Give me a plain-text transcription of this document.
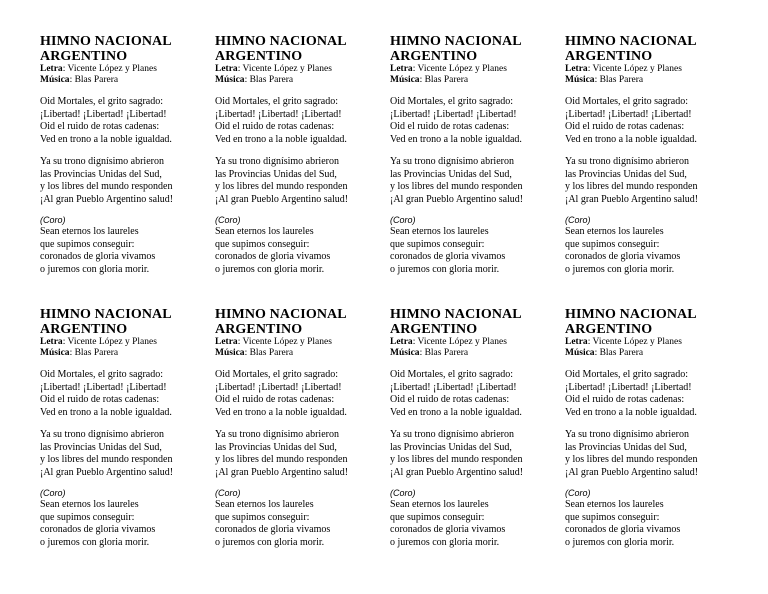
HIMNO NACIONAL
ARGENTINO
Letra: Vicente López y Planes
Música: Blas Parera
Oid Mortales, el grito sagrado:
¡Libertad! ¡Libertad! ¡Libertad!
Oid el ruido de rotas cadenas:
Ved en trono a la noble igualdad.
Ya su trono dignísimo abrieron
las Provincias Unidas del Sud,
y los libres del mundo responden
¡Al gran Pueblo Argentino salud!
(Coro)
Sean eternos los laureles
que supimos conseguir:
coronados de gloria vivamos
o juremos con gloria morir.
HIMNO NACIONAL
ARGENTINO
Letra: Vicente López y Planes
Música: Blas Parera
Oid Mortales, el grito sagrado:
¡Libertad! ¡Libertad! ¡Libertad!
Oid el ruido de rotas cadenas:
Ved en trono a la noble igualdad.
Ya su trono dignísimo abrieron
las Provincias Unidas del Sud,
y los libres del mundo responden
¡Al gran Pueblo Argentino salud!
(Coro)
Sean eternos los laureles
que supimos conseguir:
coronados de gloria vivamos
o juremos con gloria morir.
HIMNO NACIONAL
ARGENTINO
Letra: Vicente López y Planes
Música: Blas Parera
Oid Mortales, el grito sagrado:
¡Libertad! ¡Libertad! ¡Libertad!
Oid el ruido de rotas cadenas:
Ved en trono a la noble igualdad.
Ya su trono dignísimo abrieron
las Provincias Unidas del Sud,
y los libres del mundo responden
¡Al gran Pueblo Argentino salud!
(Coro)
Sean eternos los laureles
que supimos conseguir:
coronados de gloria vivamos
o juremos con gloria morir.
HIMNO NACIONAL
ARGENTINO
Letra: Vicente López y Planes
Música: Blas Parera
Oid Mortales, el grito sagrado:
¡Libertad! ¡Libertad! ¡Libertad!
Oid el ruido de rotas cadenas:
Ved en trono a la noble igualdad.
Ya su trono dignísimo abrieron
las Provincias Unidas del Sud,
y los libres del mundo responden
¡Al gran Pueblo Argentino salud!
(Coro)
Sean eternos los laureles
que supimos conseguir:
coronados de gloria vivamos
o juremos con gloria morir.
HIMNO NACIONAL
ARGENTINO
Letra: Vicente López y Planes
Música: Blas Parera
Oid Mortales, el grito sagrado:
¡Libertad! ¡Libertad! ¡Libertad!
Oid el ruido de rotas cadenas:
Ved en trono a la noble igualdad.
Ya su trono dignísimo abrieron
las Provincias Unidas del Sud,
y los libres del mundo responden
¡Al gran Pueblo Argentino salud!
(Coro)
Sean eternos los laureles
que supimos conseguir:
coronados de gloria vivamos
o juremos con gloria morir.
HIMNO NACIONAL
ARGENTINO
Letra: Vicente López y Planes
Música: Blas Parera
Oid Mortales, el grito sagrado:
¡Libertad! ¡Libertad! ¡Libertad!
Oid el ruido de rotas cadenas:
Ved en trono a la noble igualdad.
Ya su trono dignísimo abrieron
las Provincias Unidas del Sud,
y los libres del mundo responden
¡Al gran Pueblo Argentino salud!
(Coro)
Sean eternos los laureles
que supimos conseguir:
coronados de gloria vivamos
o juremos con gloria morir.
HIMNO NACIONAL
ARGENTINO
Letra: Vicente López y Planes
Música: Blas Parera
Oid Mortales, el grito sagrado:
¡Libertad! ¡Libertad! ¡Libertad!
Oid el ruido de rotas cadenas:
Ved en trono a la noble igualdad.
Ya su trono dignísimo abrieron
las Provincias Unidas del Sud,
y los libres del mundo responden
¡Al gran Pueblo Argentino salud!
(Coro)
Sean eternos los laureles
que supimos conseguir:
coronados de gloria vivamos
o juremos con gloria morir.
HIMNO NACIONAL
ARGENTINO
Letra: Vicente López y Planes
Música: Blas Parera
Oid Mortales, el grito sagrado:
¡Libertad! ¡Libertad! ¡Libertad!
Oid el ruido de rotas cadenas:
Ved en trono a la noble igualdad.
Ya su trono dignísimo abrieron
las Provincias Unidas del Sud,
y los libres del mundo responden
¡Al gran Pueblo Argentino salud!
(Coro)
Sean eternos los laureles
que supimos conseguir:
coronados de gloria vivamos
o juremos con gloria morir.
